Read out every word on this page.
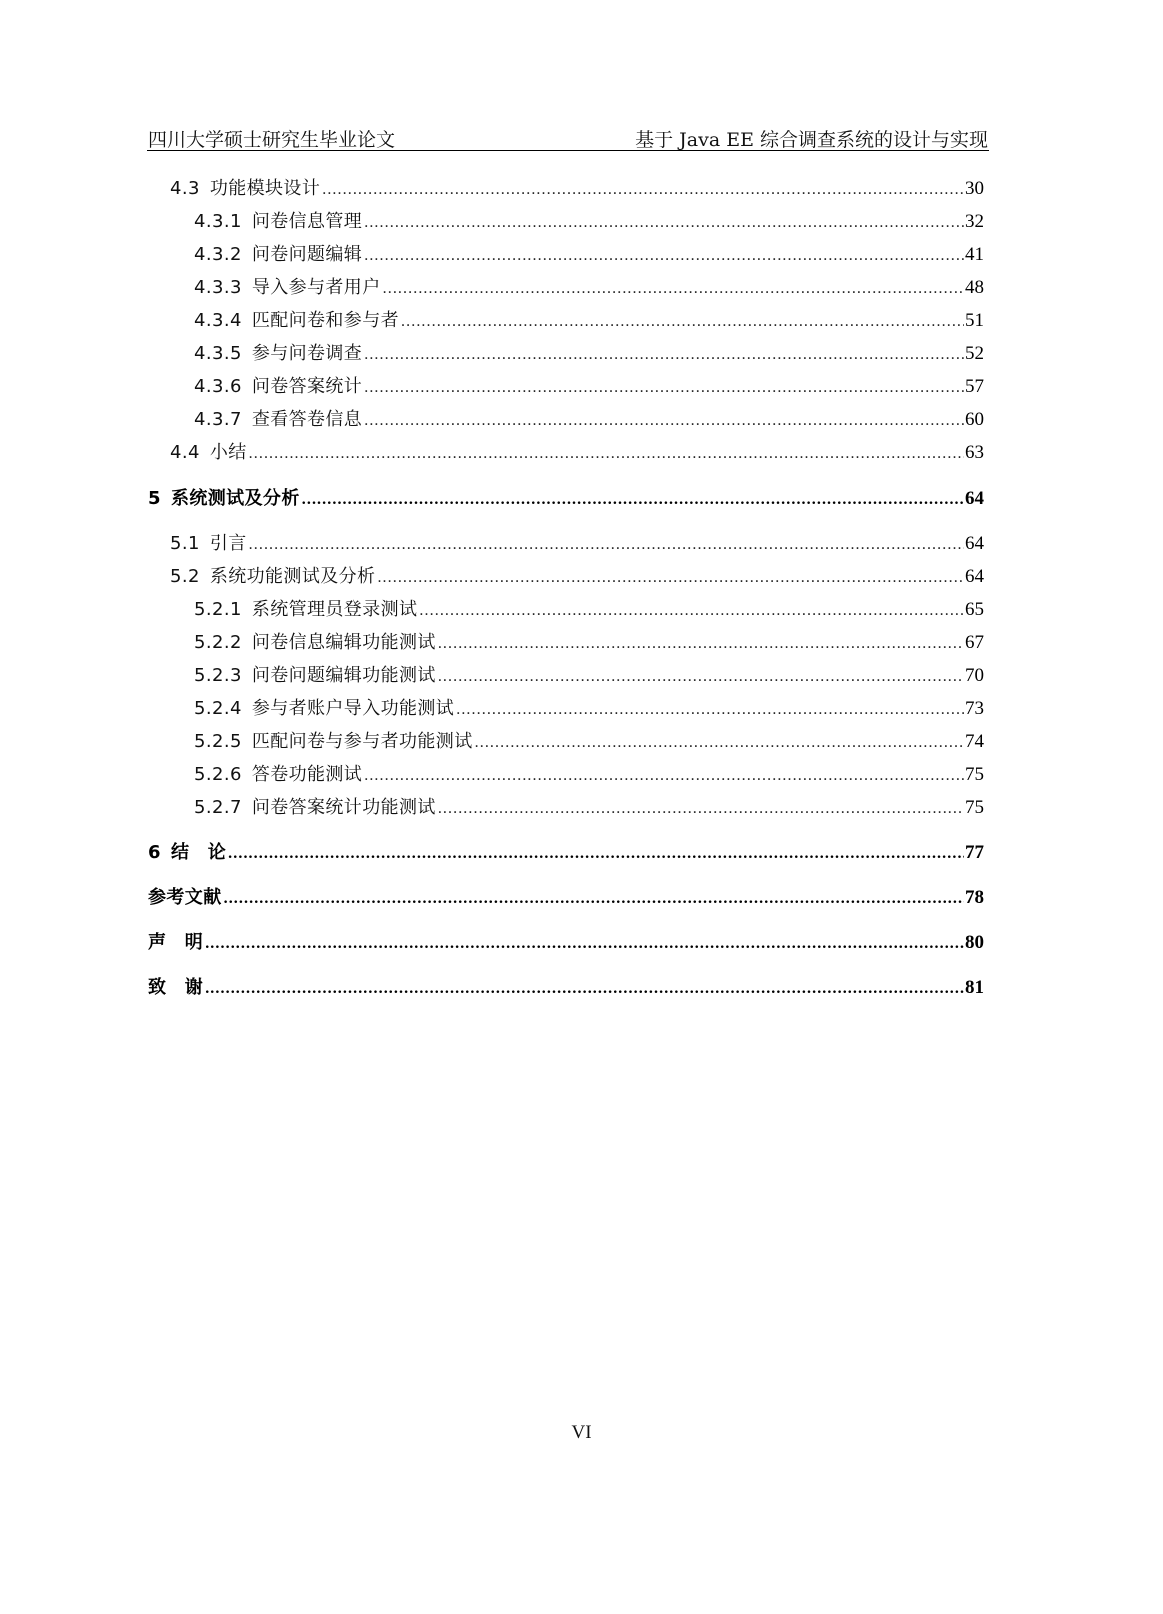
四川大学硕士研究生毕业论文	基于 Java EE 综合调查系统的设计与实现
4.3 功能模块设计 .....	30
4.3.1 问卷信息管理 .....	32
4.3.2 问卷问题编辑 .....	41
4.3.3 导入参与者用户 .....	48
4.3.4 匹配问卷和参与者 .....	51
4.3.5 参与问卷调查 .....	52
4.3.6 问卷答案统计 .....	57
4.3.7 查看答卷信息 .....	60
4.4 小结 .....	63
5 系统测试及分析 .....	64
5.1 引言 .....	64
5.2 系统功能测试及分析 .....	64
5.2.1 系统管理员登录测试 .....	65
5.2.2 问卷信息编辑功能测试 .....	67
5.2.3 问卷问题编辑功能测试 .....	70
5.2.4 参与者账户导入功能测试 .....	73
5.2.5 匹配问卷与参与者功能测试 .....	74
5.2.6 答卷功能测试 .....	75
5.2.7 问卷答案统计功能测试 .....	75
6 结　论 .....	77
参考文献 .....	78
声　明 .....	80
致　谢 .....	81
VI
